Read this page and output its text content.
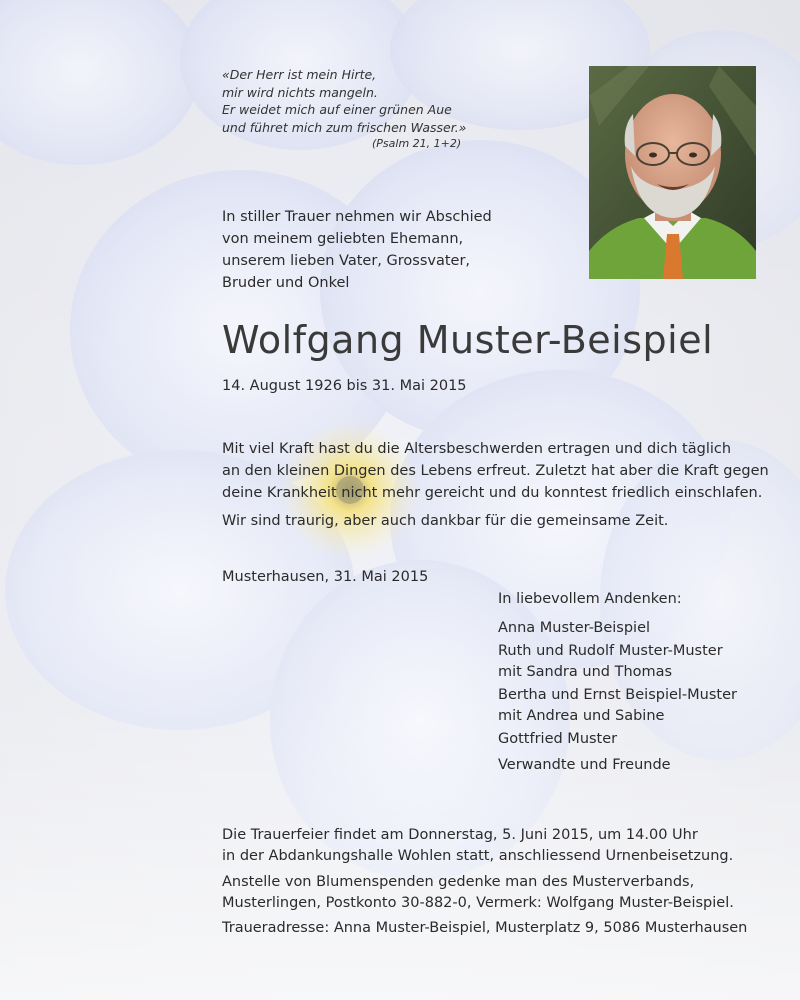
«Der Herr ist mein Hirte,
mir wird nichts mangeln.
Er weidet mich auf einer grünen Aue
und führet mich zum frischen Wasser.»
(Psalm 21, 1+2)
In stiller Trauer nehmen wir Abschied
von meinem geliebten Ehemann,
unserem lieben Vater, Grossvater,
Bruder und Onkel
Wolfgang Muster-Beispiel
14. August 1926 bis 31. Mai 2015
Mit viel Kraft hast du die Altersbeschwerden ertragen und dich täglich
an den kleinen Dingen des Lebens erfreut. Zuletzt hat aber die Kraft gegen
deine Krankheit nicht mehr gereicht und du konntest friedlich einschlafen.
Wir sind traurig, aber auch dankbar für die gemeinsame Zeit.
Musterhausen, 31. Mai 2015
In liebevollem Andenken:
Anna Muster-Beispiel
Ruth und Rudolf Muster-Muster
mit Sandra und Thomas
Bertha und Ernst Beispiel-Muster
mit Andrea und Sabine
Gottfried Muster
Verwandte und Freunde
Die Trauerfeier findet am Donnerstag, 5. Juni 2015, um 14.00 Uhr
in der Abdankungshalle Wohlen statt, anschliessend Urnenbeisetzung.
Anstelle von Blumenspenden gedenke man des Musterverbands,
Musterlingen, Postkonto 30-882-0, Vermerk: Wolfgang Muster-Beispiel.
Traueradresse: Anna Muster-Beispiel, Musterplatz 9, 5086 Musterhausen
